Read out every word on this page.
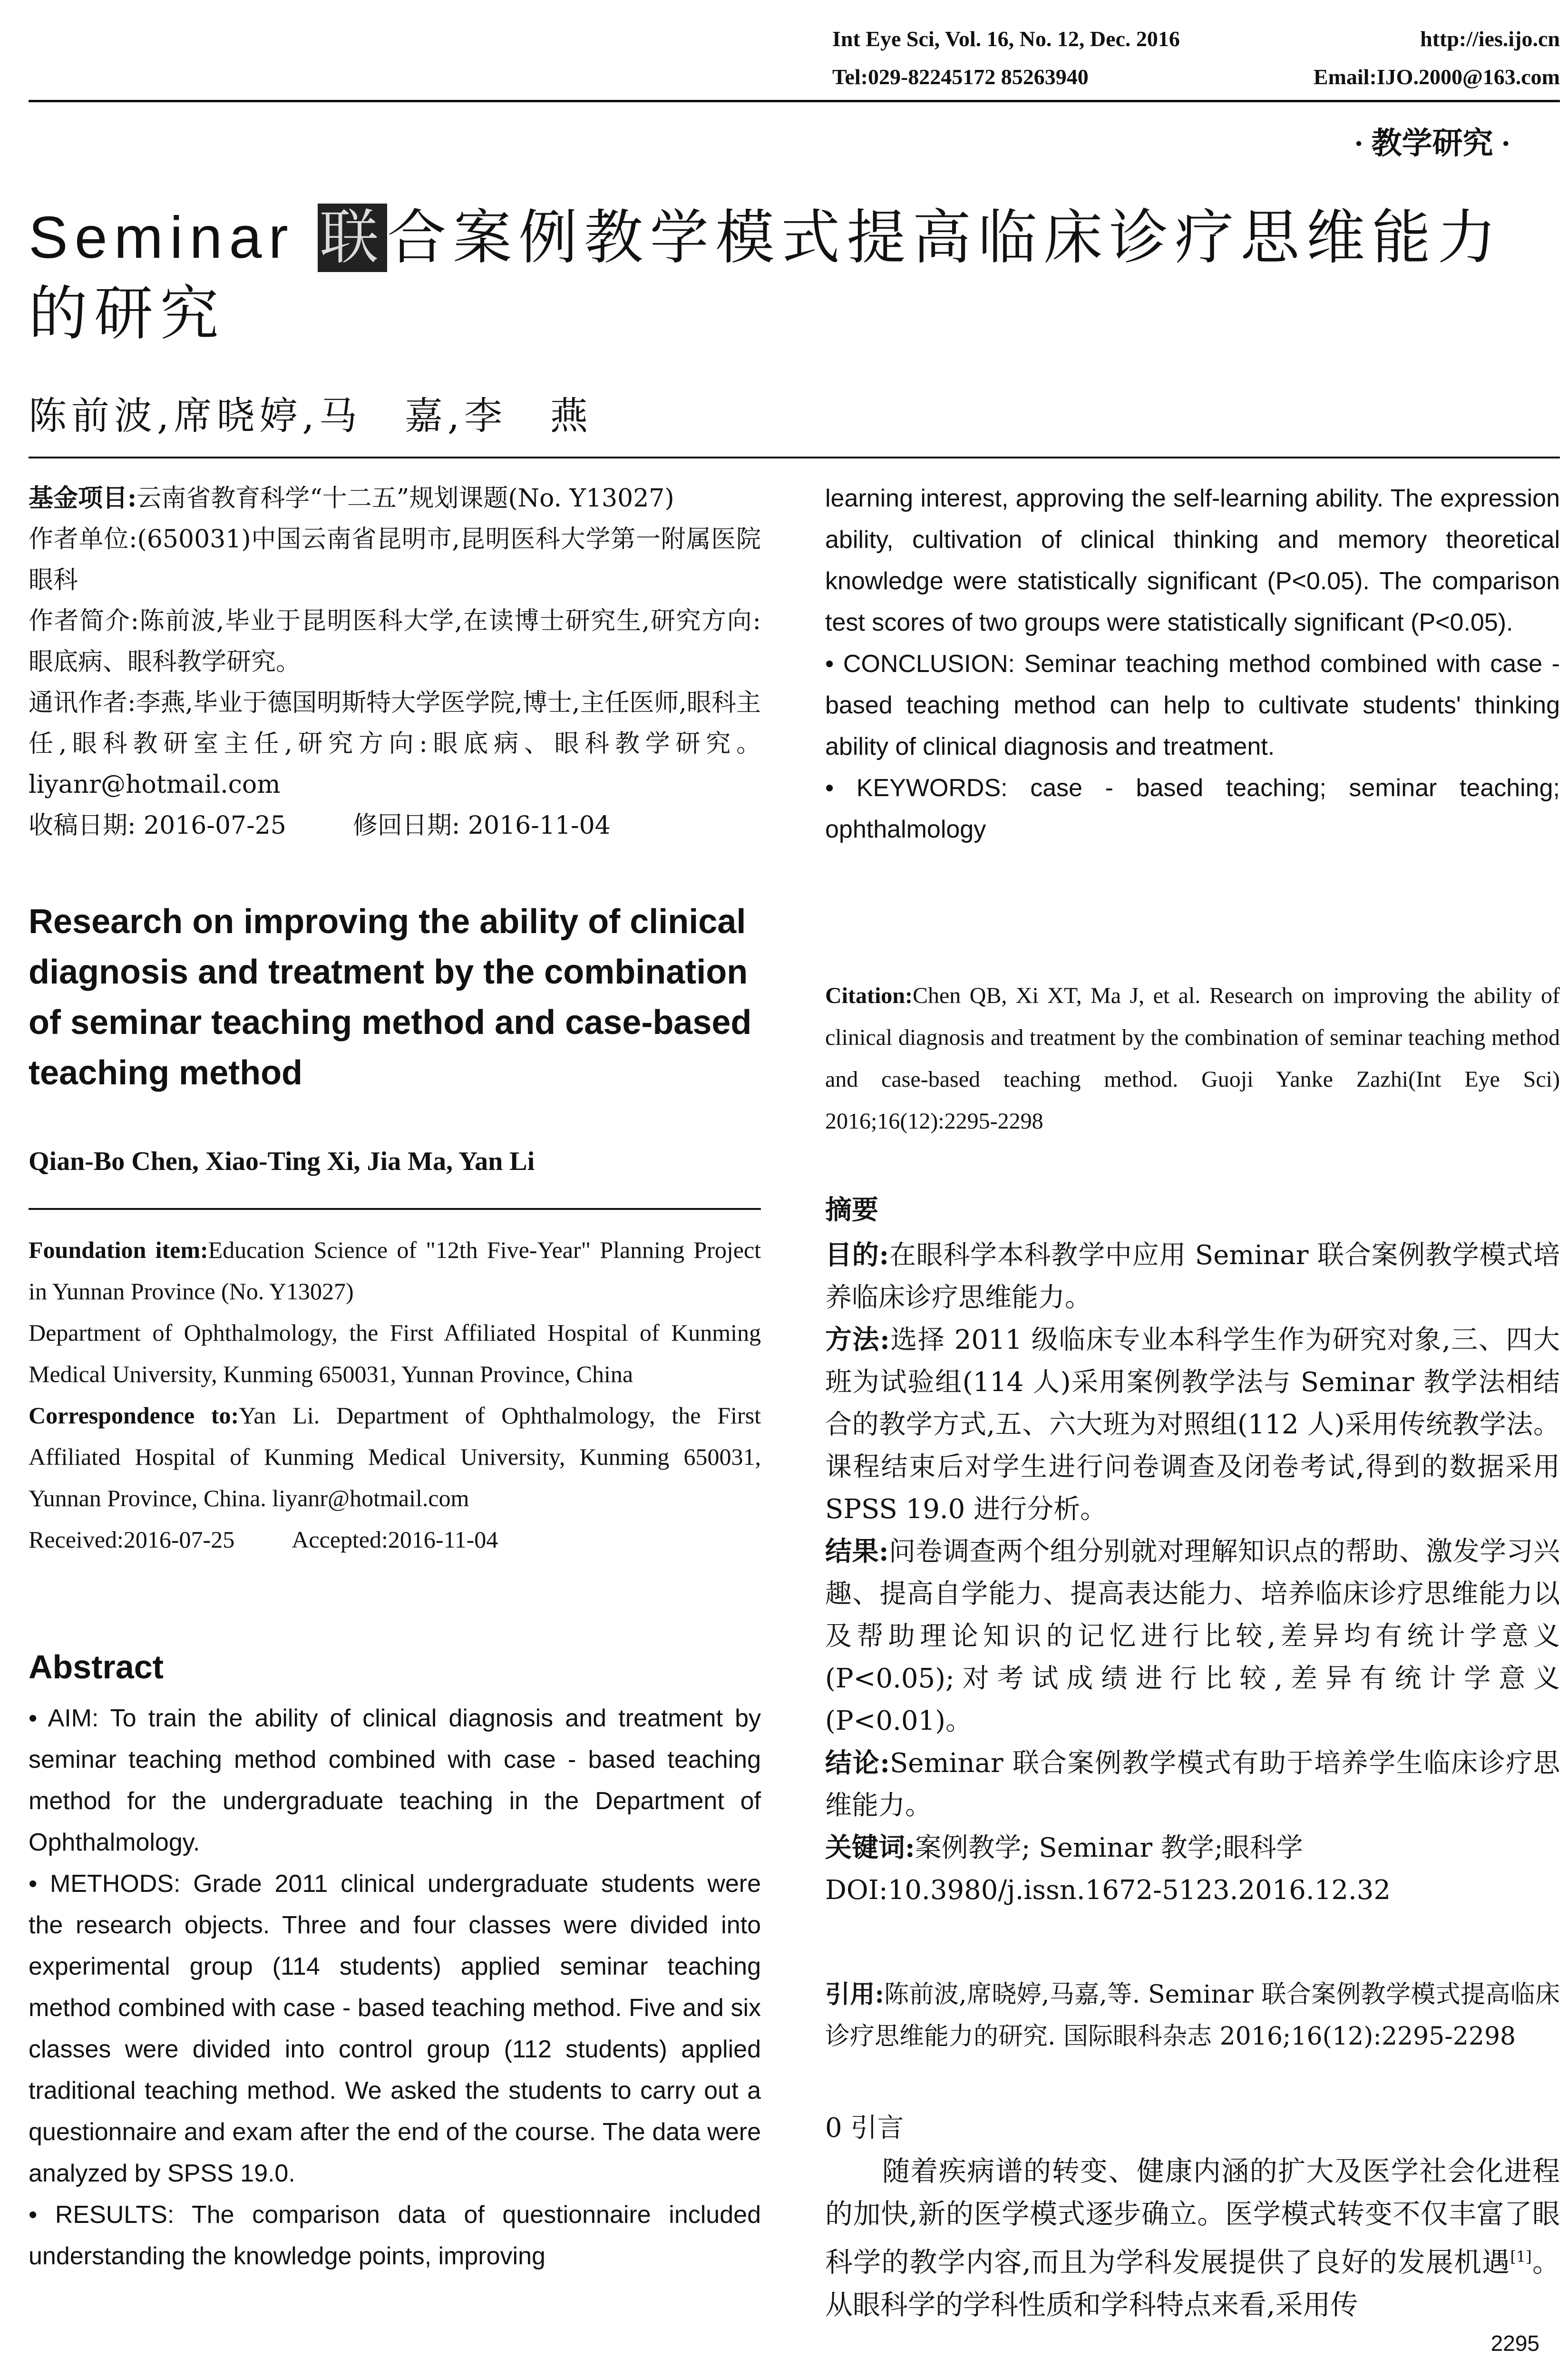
Int Eye Sci, Vol. 16, No. 12, Dec. 2016	http://ies.ijo.cn
Tel:029-82245172 85263940	Email:IJO.2000@163.com
· 教学研究 ·
Seminar 联合案例教学模式提高临床诊疗思维能力的研究
陈前波,席晓婷,马　嘉,李　燕
基金项目:云南省教育科学“十二五”规划课题(No. Y13027)
作者单位:(650031)中国云南省昆明市,昆明医科大学第一附属医院眼科
作者简介:陈前波,毕业于昆明医科大学,在读博士研究生,研究方向:眼底病、眼科教学研究。
通讯作者:李燕,毕业于德国明斯特大学医学院,博士,主任医师,眼科主任,眼科教研室主任,研究方向:眼底病、眼科教学研究。liyanr@hotmail.com
收稿日期: 2016-07-25	修回日期: 2016-11-04
Research on improving the ability of clinical diagnosis and treatment by the combination of seminar teaching method and case-based teaching method
Qian-Bo Chen, Xiao-Ting Xi, Jia Ma, Yan Li
Foundation item:Education Science of "12th Five-Year" Planning Project in Yunnan Province (No. Y13027)
Department of Ophthalmology, the First Affiliated Hospital of Kunming Medical University, Kunming 650031, Yunnan Province, China
Correspondence to:Yan Li. Department of Ophthalmology, the First Affiliated Hospital of Kunming Medical University, Kunming 650031, Yunnan Province, China. liyanr@hotmail.com
Received:2016-07-25 Accepted:2016-11-04
Abstract

• AIM: To train the ability of clinical diagnosis and treatment by seminar teaching method combined with case - based teaching method for the undergraduate teaching in the Department of Ophthalmology.

• METHODS: Grade 2011 clinical undergraduate students were the research objects. Three and four classes were divided into experimental group (114 students) applied seminar teaching method combined with case - based teaching method. Five and six classes were divided into control group (112 students) applied traditional teaching method. We asked the students to carry out a questionnaire and exam after the end of the course. The data were analyzed by SPSS 19.0.

• RESULTS: The comparison data of questionnaire included understanding the knowledge points, improving

learning interest, approving the self-learning ability. The expression ability, cultivation of clinical thinking and memory theoretical knowledge were statistically significant (P<0.05). The comparison test scores of two groups were statistically significant (P<0.05).

• CONCLUSION: Seminar teaching method combined with case - based teaching method can help to cultivate students' thinking ability of clinical diagnosis and treatment.

• KEYWORDS: case - based teaching; seminar teaching; ophthalmology

Citation:Chen QB, Xi XT, Ma J, et al. Research on improving the ability of clinical diagnosis and treatment by the combination of seminar teaching method and case-based teaching method. Guoji Yanke Zazhi(Int Eye Sci) 2016;16(12):2295-2298
摘要

目的:在眼科学本科教学中应用 Seminar 联合案例教学模式培养临床诊疗思维能力。

方法:选择 2011 级临床专业本科学生作为研究对象,三、四大班为试验组(114 人)采用案例教学法与 Seminar 教学法相结合的教学方式,五、六大班为对照组(112 人)采用传统教学法。课程结束后对学生进行问卷调查及闭卷考试,得到的数据采用 SPSS 19.0 进行分析。

结果:问卷调查两个组分别就对理解知识点的帮助、激发学习兴趣、提高自学能力、提高表达能力、培养临床诊疗思维能力以及帮助理论知识的记忆进行比较,差异均有统计学意义(P<0.05);对考试成绩进行比较,差异有统计学意义(P<0.01)。

结论:Seminar 联合案例教学模式有助于培养学生临床诊疗思维能力。

关键词:案例教学; Seminar 教学;眼科学

DOI:10.3980/j.issn.1672-5123.2016.12.32

引用:陈前波,席晓婷,马嘉,等. Seminar 联合案例教学模式提高临床诊疗思维能力的研究. 国际眼科杂志 2016;16(12):2295-2298
0 引言
随着疾病谱的转变、健康内涵的扩大及医学社会化进程的加快,新的医学模式逐步确立。医学模式转变不仅丰富了眼科学的教学内容,而且为学科发展提供了良好的发展机遇[1]。从眼科学的学科性质和学科特点来看,采用传
2295
